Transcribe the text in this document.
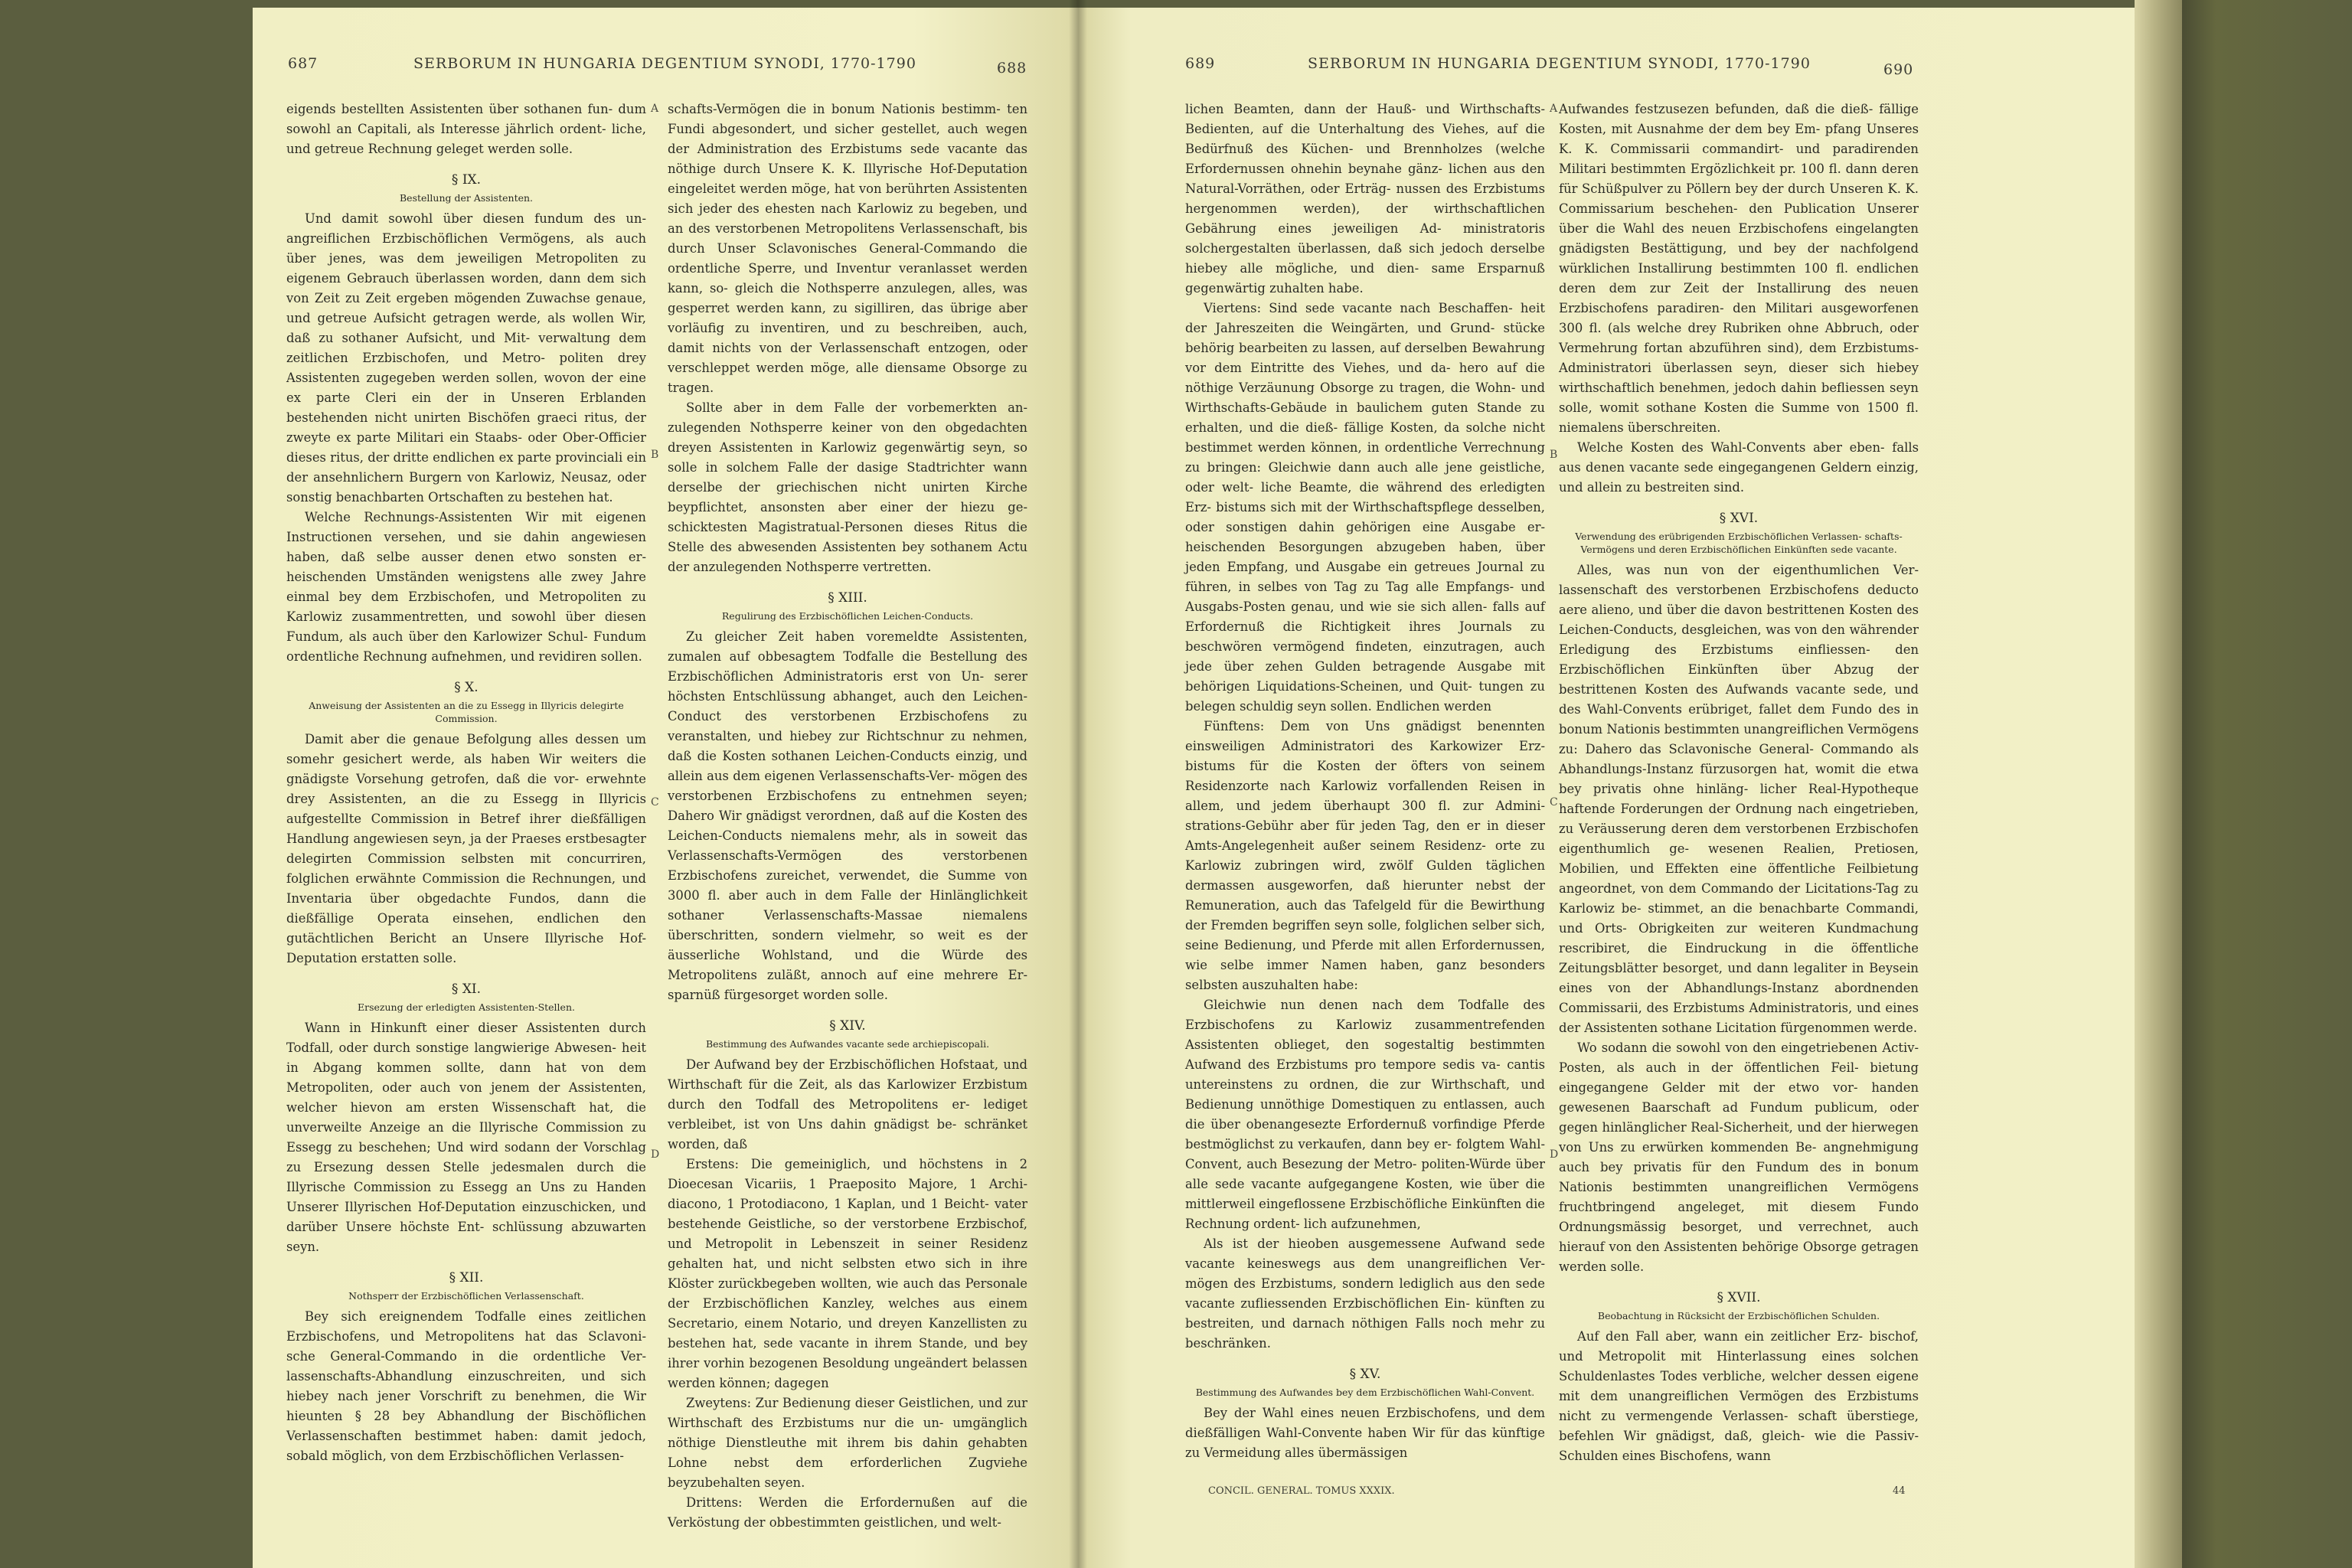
687	SERBORUM IN HUNGARIA DEGENTIUM SYNODI, 1770-1790	688

eigends bestellten Assistenten über sothanen fun- dum sowohl an Capitali, als Interesse jährlich ordent- liche, und getreue Rechnung geleget werden solle.

§ IX.
Bestellung der Assistenten.

Und damit sowohl über diesen fundum des un- angreiflichen Erzbischöflichen Vermögens, als auch über jenes, was dem jeweiligen Metropoliten zu eigenem Gebrauch überlassen worden, dann dem sich von Zeit zu Zeit ergeben mögenden Zuwachse genaue, und getreue Aufsicht getragen werde, als wollen Wir, daß zu sothaner Aufsicht, und Mit- verwaltung dem zeitlichen Erzbischofen, und Metro- politen drey Assistenten zugegeben werden sollen, wovon der eine ex parte Cleri ein der in Unseren Erblanden bestehenden nicht unirten Bischöfen graeci ritus, der zweyte ex parte Militari ein Staabs- oder Ober-Officier dieses ritus, der dritte endlichen ex parte provinciali ein der ansehnlichern Burgern von Karlowiz, Neusaz, oder sonstig benachbarten Ortschaften zu bestehen hat.

Welche Rechnungs-Assistenten Wir mit eigenen Instructionen versehen, und sie dahin angewiesen haben, daß selbe ausser denen etwo sonsten er- heischenden Umständen wenigstens alle zwey Jahre einmal bey dem Erzbischofen, und Metropoliten zu Karlowiz zusammentretten, und sowohl über diesen Fundum, als auch über den Karlowizer Schul- Fundum ordentliche Rechnung aufnehmen, und revidiren sollen.

§ X.
Anweisung der Assistenten an die zu Essegg in Illyricis delegirte Commission.

Damit aber die genaue Befolgung alles dessen um somehr gesichert werde, als haben Wir weiters die gnädigste Vorsehung getrofen, daß die vor- erwehnte drey Assistenten, an die zu Essegg in Illyricis aufgestellte Commission in Betref ihrer dießfälligen Handlung angewiesen seyn, ja der Praeses erstbesagter delegirten Commission selbsten mit concurriren, folglichen erwähnte Commission die Rechnungen, und Inventaria über obgedachte Fundos, dann die dießfällige Operata einsehen, endlichen den gutächtlichen Bericht an Unsere Illyrische Hof-Deputation erstatten solle.

§ XI.
Ersezung der erledigten Assistenten-Stellen.

Wann in Hinkunft einer dieser Assistenten durch Todfall, oder durch sonstige langwierige Abwesen- heit in Abgang kommen sollte, dann hat von dem Metropoliten, oder auch von jenem der Assistenten, welcher hievon am ersten Wissenschaft hat, die unverweilte Anzeige an die Illyrische Commission zu Essegg zu beschehen; Und wird sodann der Vorschlag zu Ersezung dessen Stelle jedesmalen durch die Illyrische Commission zu Essegg an Uns zu Handen Unserer Illyrischen Hof-Deputation einzuschicken, und darüber Unsere höchste Ent- schlüssung abzuwarten seyn.

§ XII.
Nothsperr der Erzbischöflichen Verlassenschaft.

Bey sich ereignendem Todfalle eines zeitlichen Erzbischofens, und Metropolitens hat das Sclavoni- sche General-Commando in die ordentliche Ver- lassenschafts-Abhandlung einzuschreiten, und sich hiebey nach jener Vorschrift zu benehmen, die Wir hieunten § 28 bey Abhandlung der Bischöflichen Verlassenschaften bestimmet haben: damit jedoch, sobald möglich, von dem Erzbischöflichen Verlassen-

schafts-Vermögen die in bonum Nationis bestimm- ten Fundi abgesondert, und sicher gestellet, auch wegen der Administration des Erzbistums sede vacante das nöthige durch Unsere K. K. Illyrische Hof-Deputation eingeleitet werden möge, hat von berührten Assistenten sich jeder des ehesten nach Karlowiz zu begeben, und an des verstorbenen Metropolitens Verlassenschaft, bis durch Unser Sclavonisches General-Commando die ordentliche Sperre, und Inventur veranlasset werden kann, so- gleich die Nothsperre anzulegen, alles, was gesperret werden kann, zu sigilliren, das übrige aber vorläufig zu inventiren, und zu beschreiben, auch, damit nichts von der Verlassenschaft entzogen, oder verschleppet werden möge, alle diensame Obsorge zu tragen.

Sollte aber in dem Falle der vorbemerkten an- zulegenden Nothsperre keiner von den obgedachten dreyen Assistenten in Karlowiz gegenwärtig seyn, so solle in solchem Falle der dasige Stadtrichter wann derselbe der griechischen nicht unirten Kirche beypflichtet, ansonsten aber einer der hiezu ge- schicktesten Magistratual-Personen dieses Ritus die Stelle des abwesenden Assistenten bey sothanem Actu der anzulegenden Nothsperre vertretten.

§ XIII.
Regulirung des Erzbischöflichen Leichen-Conducts.

Zu gleicher Zeit haben voremeldte Assistenten, zumalen auf obbesagtem Todfalle die Bestellung des Erzbischöflichen Administratoris erst von Un- serer höchsten Entschlüssung abhanget, auch den Leichen-Conduct des verstorbenen Erzbischofens zu veranstalten, und hiebey zur Richtschnur zu nehmen, daß die Kosten sothanen Leichen-Conducts einzig, und allein aus dem eigenen Verlassenschafts-Ver- mögen des verstorbenen Erzbischofens zu entnehmen seyen; Dahero Wir gnädigst verordnen, daß auf die Kosten des Leichen-Conducts niemalens mehr, als in soweit das Verlassenschafts-Vermögen des verstorbenen Erzbischofens zureichet, verwendet, die Summe von 3000 fl. aber auch in dem Falle der Hinlänglichkeit sothaner Verlassenschafts-Massae niemalens überschritten, sondern vielmehr, so weit es der äusserliche Wohlstand, und die Würde des Metropolitens zuläßt, annoch auf eine mehrere Er- sparnüß fürgesorget worden solle.

§ XIV.
Bestimmung des Aufwandes vacante sede archiepiscopali.

Der Aufwand bey der Erzbischöflichen Hofstaat, und Wirthschaft für die Zeit, als das Karlowizer Erzbistum durch den Todfall des Metropolitens er- lediget verbleibet, ist von Uns dahin gnädigst be- schränket worden, daß

Erstens: Die gemeiniglich, und höchstens in 2 Dioecesan Vicariis, 1 Praeposito Majore, 1 Archi- diacono, 1 Protodiacono, 1 Kaplan, und 1 Beicht- vater bestehende Geistliche, so der verstorbene Erzbischof, und Metropolit in Lebenszeit in seiner Residenz gehalten hat, und nicht selbsten etwo sich in ihre Klöster zurückbegeben wollten, wie auch das Personale der Erzbischöflichen Kanzley, welches aus einem Secretario, einem Notario, und dreyen Kanzellisten zu bestehen hat, sede vacante in ihrem Stande, und bey ihrer vorhin bezogenen Besoldung ungeändert belassen werden können; dagegen

Zweytens: Zur Bedienung dieser Geistlichen, und zur Wirthschaft des Erzbistums nur die un- umgänglich nöthige Dienstleuthe mit ihrem bis dahin gehabten Lohne nebst dem erforderlichen Zugviehe beyzubehalten seyen.

Drittens: Werden die Erfordernußen auf die Verköstung der obbestimmten geistlichen, und welt-

A
B
C
D
689	SERBORUM IN HUNGARIA DEGENTIUM SYNODI, 1770-1790	690

lichen Beamten, dann der Hauß- und Wirthschafts- Bedienten, auf die Unterhaltung des Viehes, auf die Bedürfnuß des Küchen- und Brennholzes (welche Erfordernussen ohnehin beynahe gänz- lichen aus den Natural-Vorräthen, oder Erträg- nussen des Erzbistums hergenommen werden), der wirthschaftlichen Gebährung eines jeweiligen Ad- ministratoris solchergestalten überlassen, daß sich jedoch derselbe hiebey alle mögliche, und dien- same Ersparnuß gegenwärtig zuhalten habe.

Viertens: Sind sede vacante nach Beschaffen- heit der Jahreszeiten die Weingärten, und Grund- stücke behörig bearbeiten zu lassen, auf derselben Bewahrung vor dem Eintritte des Viehes, und da- hero auf die nöthige Verzäunung Obsorge zu tragen, die Wohn- und Wirthschafts-Gebäude in baulichem guten Stande zu erhalten, und die dieß- fällige Kosten, da solche nicht bestimmet werden können, in ordentliche Verrechnung zu bringen: Gleichwie dann auch alle jene geistliche, oder welt- liche Beamte, die während des erledigten Erz- bistums sich mit der Wirthschaftspflege desselben, oder sonstigen dahin gehörigen eine Ausgabe er- heischenden Besorgungen abzugeben haben, über jeden Empfang, und Ausgabe ein getreues Journal zu führen, in selbes von Tag zu Tag alle Empfangs- und Ausgabs-Posten genau, und wie sie sich allen- falls auf Erfordernuß die Richtigkeit ihres Journals zu beschwören vermögend findeten, einzutragen, auch jede über zehen Gulden betragende Ausgabe mit behörigen Liquidations-Scheinen, und Quit- tungen zu belegen schuldig seyn sollen. Endlichen werden

Fünftens: Dem von Uns gnädigst benennten einsweiligen Administratori des Karkowizer Erz- bistums für die Kosten der öfters von seinem Residenzorte nach Karlowiz vorfallenden Reisen in allem, und jedem überhaupt 300 fl. zur Admini- strations-Gebühr aber für jeden Tag, den er in dieser Amts-Angelegenheit außer seinem Residenz- orte zu Karlowiz zubringen wird, zwölf Gulden täglichen dermassen ausgeworfen, daß hierunter nebst der Remuneration, auch das Tafelgeld für die Bewirthung der Fremden begriffen seyn solle, folglichen selber sich, seine Bedienung, und Pferde mit allen Erfordernussen, wie selbe immer Namen haben, ganz besonders selbsten auszuhalten habe:

Gleichwie nun denen nach dem Todfalle des Erzbischofens zu Karlowiz zusammentrefenden Assistenten oblieget, den sogestaltig bestimmten Aufwand des Erzbistums pro tempore sedis va- cantis untereinstens zu ordnen, die zur Wirthschaft, und Bedienung unnöthige Domestiquen zu entlassen, auch die über obenangesezte Erfordernuß vorfindige Pferde bestmöglichst zu verkaufen, dann bey er- folgtem Wahl-Convent, auch Besezung der Metro- politen-Würde über alle sede vacante aufgegangene Kosten, wie über die mittlerweil eingeflossene Erzbischöfliche Einkünften die Rechnung ordent- lich aufzunehmen,

Als ist der hieoben ausgemessene Aufwand sede vacante keineswegs aus dem unangreiflichen Ver- mögen des Erzbistums, sondern lediglich aus den sede vacante zufliessenden Erzbischöflichen Ein- künften zu bestreiten, und darnach nöthigen Falls noch mehr zu beschränken.

§ XV.
Bestimmung des Aufwandes bey dem Erzbischöflichen Wahl-Convent.

Bey der Wahl eines neuen Erzbischofens, und dem dießfälligen Wahl-Convente haben Wir für das künftige zu Vermeidung alles übermässigen

Aufwandes festzusezen befunden, daß die dieß- fällige Kosten, mit Ausnahme der dem bey Em- pfang Unseres K. K. Commissarii commandirt- und paradirenden Militari bestimmten Ergözlichkeit pr. 100 fl. dann deren für Schüßpulver zu Pöllern bey der durch Unseren K. K. Commissarium beschehen- den Publication Unserer über die Wahl des neuen Erzbischofens eingelangten gnädigsten Bestättigung, und bey der nachfolgend würklichen Installirung bestimmten 100 fl. endlichen deren dem zur Zeit der Installirung des neuen Erzbischofens paradiren- den Militari ausgeworfenen 300 fl. (als welche drey Rubriken ohne Abbruch, oder Vermehrung fortan abzuführen sind), dem Erzbistums-Administratori überlassen seyn, dieser sich hiebey wirthschaftlich benehmen, jedoch dahin befliessen seyn solle, womit sothane Kosten die Summe von 1500 fl. niemalens überschreiten.

Welche Kosten des Wahl-Convents aber eben- falls aus denen vacante sede eingegangenen Geldern einzig, und allein zu bestreiten sind.

§ XVI.
Verwendung des erübrigenden Erzbischöflichen Verlassen- schafts-Vermögens und deren Erzbischöflichen Einkünften sede vacante.

Alles, was nun von der eigenthumlichen Ver- lassenschaft des verstorbenen Erzbischofens deducto aere alieno, und über die davon bestrittenen Kosten des Leichen-Conducts, desgleichen, was von den währender Erledigung des Erzbistums einfliessen- den Erzbischöflichen Einkünften über Abzug der bestrittenen Kosten des Aufwands vacante sede, und des Wahl-Convents erübriget, fallet dem Fundo des in bonum Nationis bestimmten unangreiflichen Vermögens zu: Dahero das Sclavonische General- Commando als Abhandlungs-Instanz fürzusorgen hat, womit die etwa bey privatis ohne hinläng- licher Real-Hypotheque haftende Forderungen der Ordnung nach eingetrieben, zu Veräusserung deren dem verstorbenen Erzbischofen eigenthumlich ge- wesenen Realien, Pretiosen, Mobilien, und Effekten eine öffentliche Feilbietung angeordnet, von dem Commando der Licitations-Tag zu Karlowiz be- stimmet, an die benachbarte Commandi, und Orts- Obrigkeiten zur weiteren Kundmachung rescribiret, die Eindruckung in die öffentliche Zeitungsblätter besorget, und dann legaliter in Beysein eines von der Abhandlungs-Instanz abordnenden Commissarii, des Erzbistums Administratoris, und eines der Assistenten sothane Licitation fürgenommen werde.

Wo sodann die sowohl von den eingetriebenen Activ-Posten, als auch in der öffentlichen Feil- bietung eingegangene Gelder mit der etwo vor- handen gewesenen Baarschaft ad Fundum publicum, oder gegen hinlänglicher Real-Sicherheit, und der hierwegen von Uns zu erwürken kommenden Be- angnehmigung auch bey privatis für den Fundum des in bonum Nationis bestimmten unangreiflichen Vermögens fruchtbringend angeleget, mit diesem Fundo Ordnungsmässig besorget, und verrechnet, auch hierauf von den Assistenten behörige Obsorge getragen werden solle.

§ XVII.
Beobachtung in Rücksicht der Erzbischöflichen Schulden.

Auf den Fall aber, wann ein zeitlicher Erz- bischof, und Metropolit mit Hinterlassung eines solchen Schuldenlastes Todes verbliche, welcher dessen eigene mit dem unangreiflichen Vermögen des Erzbistums nicht zu vermengende Verlassen- schaft überstiege, befehlen Wir gnädigst, daß, gleich- wie die Passiv-Schulden eines Bischofens, wann

A
B
C
D
CONCIL. GENERAL. TOMUS XXXIX.	44
